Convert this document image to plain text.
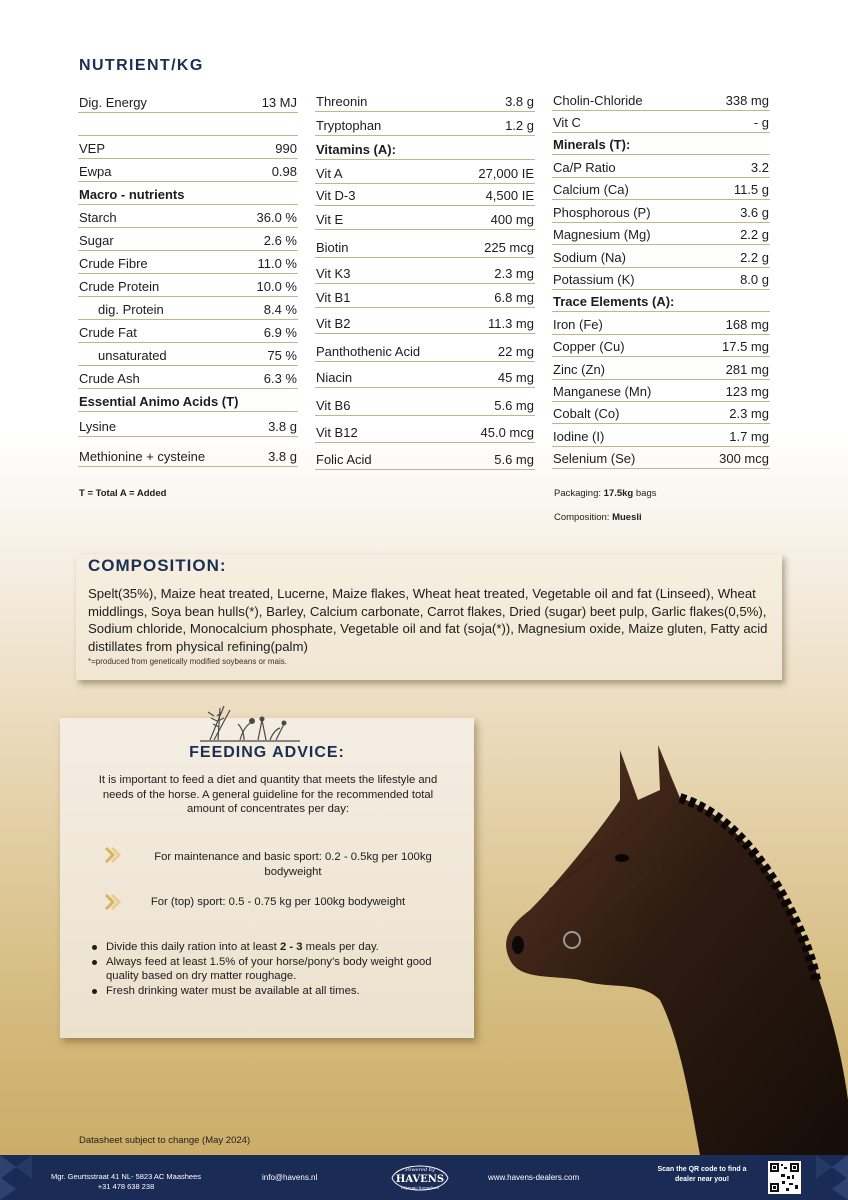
NUTRIENT/KG
Dig. Energy	13 MJ
VEP	990
Ewpa	0.98
Macro - nutrients
Starch	36.0 %
Sugar	2.6 %
Crude Fibre	11.0 %
Crude Protein	10.0 %
dig. Protein	8.4 %
Crude Fat	6.9 %
unsaturated	75 %
Crude Ash	6.3 %
Essential Animo Acids (T)
Lysine	3.8 g
Methionine + cysteine	3.8 g
Threonin	3.8 g
Tryptophan	1.2 g
Vitamins (A):
Vit A	27,000 IE
Vit D-3	4,500 IE
Vit E	400 mg
Biotin	225 mcg
Vit K3	2.3 mg
Vit B1	6.8 mg
Vit B2	11.3 mg
Panthothenic Acid	22 mg
Niacin	45 mg
Vit B6	5.6 mg
Vit B12	45.0 mcg
Folic Acid	5.6 mg
Cholin-Chloride	338 mg
Vit C	- g
Minerals (T):
Ca/P Ratio	3.2
Calcium (Ca)	11.5 g
Phosphorous (P)	3.6 g
Magnesium (Mg)	2.2 g
Sodium (Na)	2.2 g
Potassium (K)	8.0 g
Trace Elements (A):
Iron (Fe)	168 mg
Copper (Cu)	17.5 mg
Zinc (Zn)	281 mg
Manganese (Mn)	123 mg
Cobalt (Co)	2.3 mg
Iodine (I)	1.7 mg
Selenium (Se)	300 mcg
T = Total A = Added	Packaging: 17.5kg bags
Composition: Muesli
COMPOSITION:
Spelt(35%), Maize heat treated, Lucerne, Maize flakes, Wheat heat treated, Vegetable oil and fat (Linseed), Wheat middlings, Soya bean hulls(*), Barley, Calcium carbonate, Carrot flakes, Dried (sugar) beet pulp, Garlic flakes(0,5%), Sodium chloride, Monocalcium phosphate, Vegetable oil and fat (soja(*)), Magnesium oxide, Maize gluten, Fatty acid distillates from physical refining(palm)
*=produced from genetically modified soybeans or mais.
FEEDING ADVICE:
It is important to feed a diet and quantity that meets the lifestyle and needs of the horse. A general guideline for the recommended total amount of concentrates per day:
For maintenance and basic sport: 0.2 - 0.5kg per 100kg bodyweight
For (top) sport: 0.5 - 0.75 kg per 100kg bodyweight
Divide this daily ration into at least 2 - 3 meals per day.
Always feed at least 1.5% of your horse/pony's body weight good quality based on dry matter roughage.
Fresh drinking water must be available at all times.
Datasheet subject to change (May 2024)
Mgr. Geurtsstraat 41 NL- 5823 AC Maashees
+31 478 638 238
info@havens.nl
Powered by
HAVENS
Olympic horsefeed
www.havens-dealers.com
Scan the QR code to find a dealer near you!
